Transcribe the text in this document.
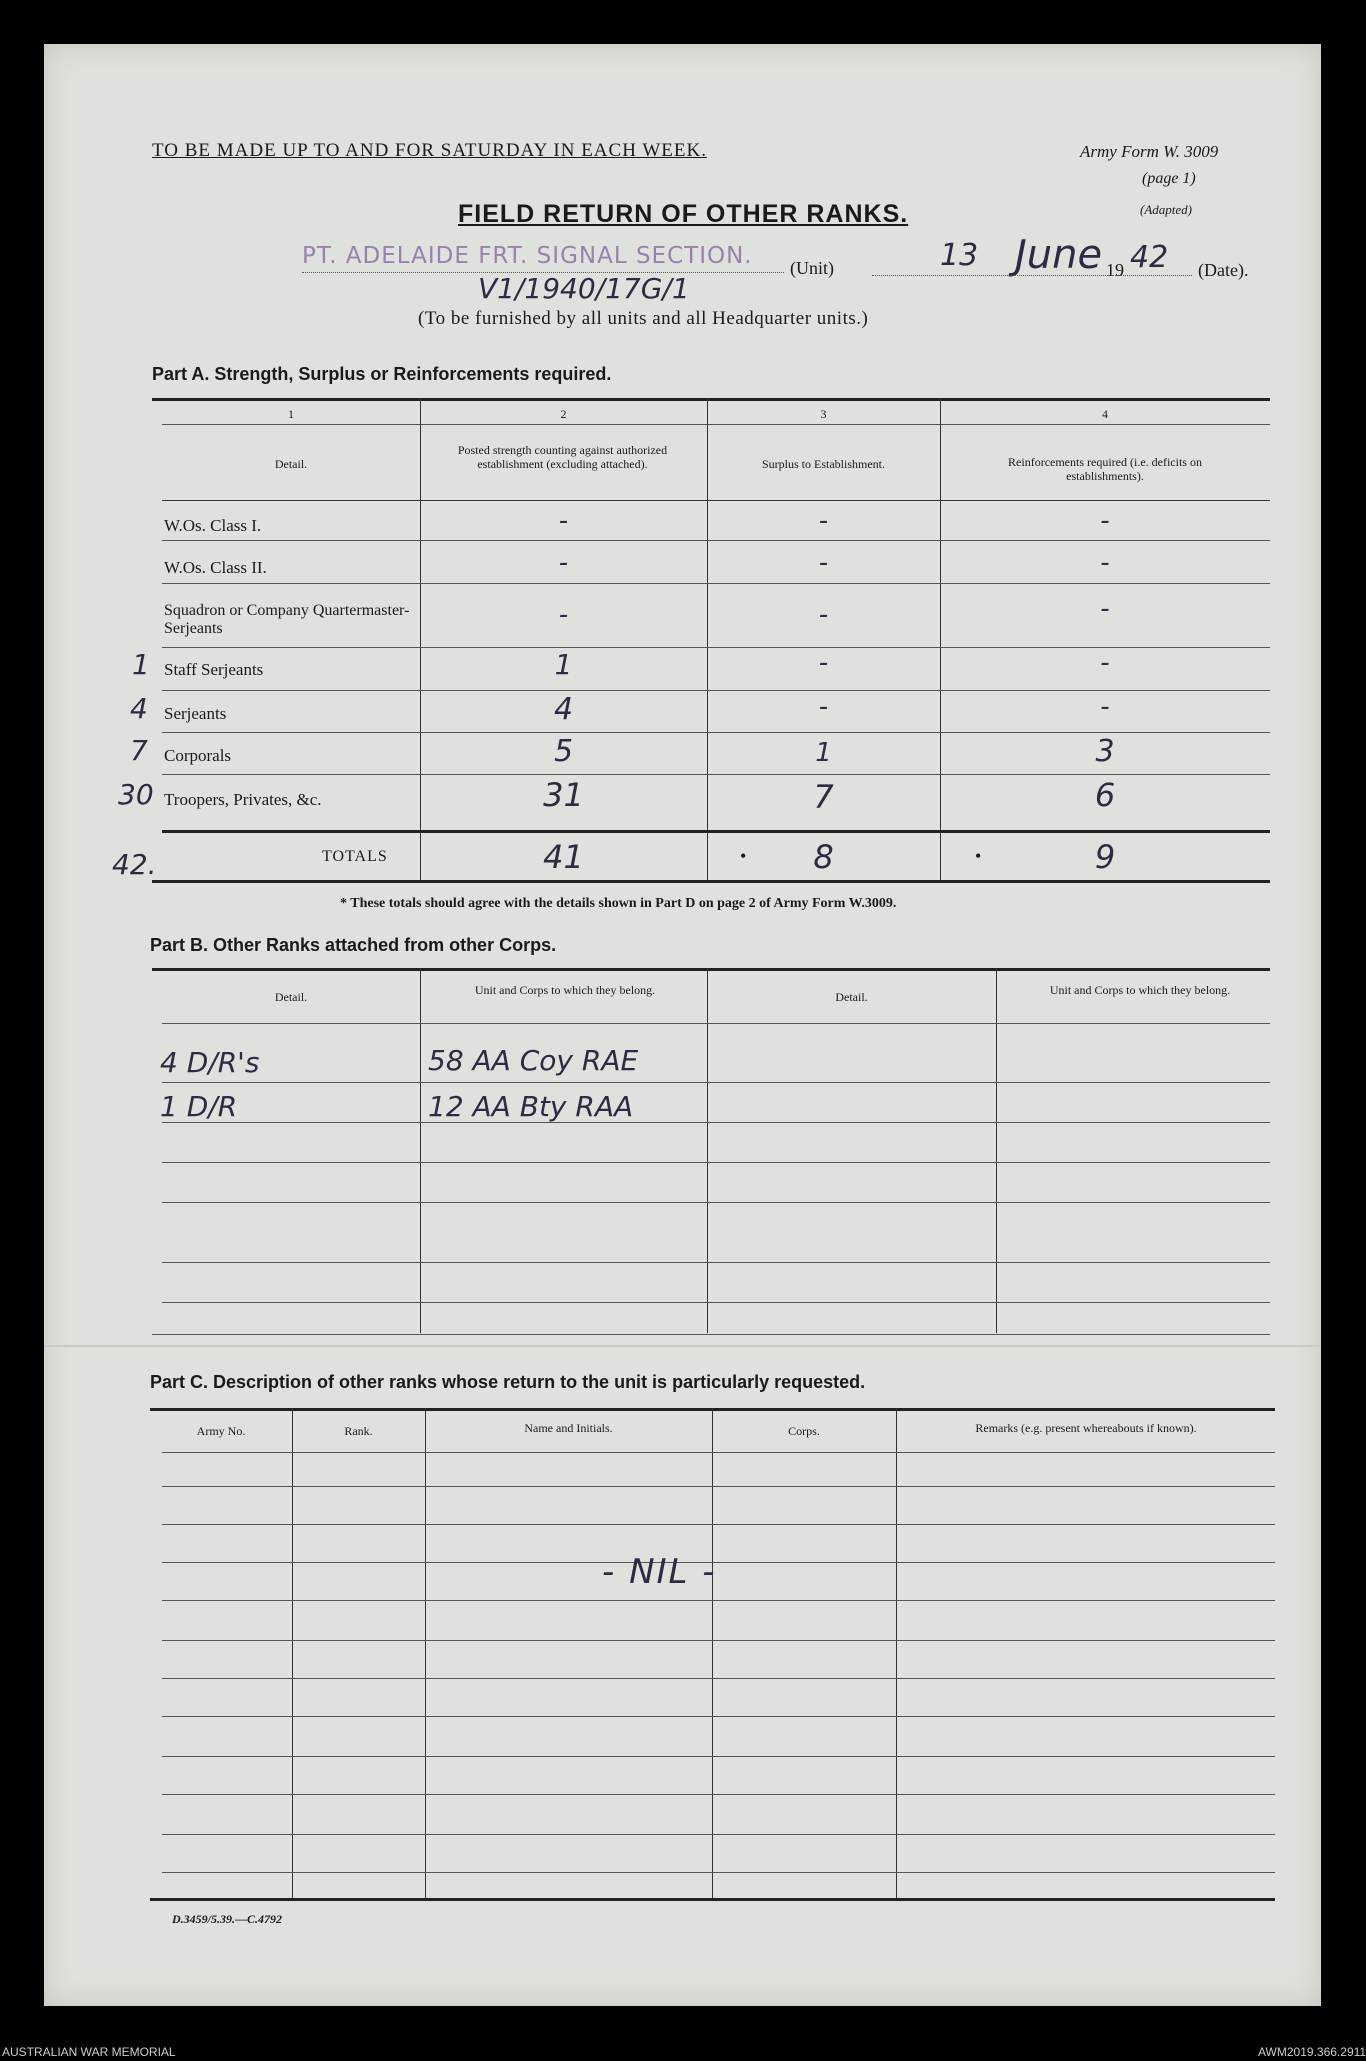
TO BE MADE UP TO AND FOR SATURDAY IN EACH WEEK.	Army Form W. 3009
(page 1)
(Adapted)
FIELD RETURN OF OTHER RANKS.
PT. ADELAIDE FRT. SIGNAL SECTION. (Unit)	13 June 19 42 (Date).
V1/1940/17G/1
(To be furnished by all units and all Headquarter units.)
Part A. Strength, Surplus or Reinforcements required.
1	2	3	4
Detail.
Posted strength counting against authorized establishment (excluding attached).	Surplus to Establishment.	Reinforcements required (i.e. deficits on establishments).
W.Os. Class I.	-	-	-
W.Os. Class II.	-	-	-
Squadron or Company Quartermaster-Serjeants	-	-	-
1 Staff Serjeants	1	-	-
4 Serjeants	4	-	-
7 Corporals	5	1	3
30 Troopers, Privates, &c.	31	7	6
42.	TOTALS	41	•	8	•	9
* These totals should agree with the details shown in Part D on page 2 of Army Form W.3009.
Part B. Other Ranks attached from other Corps.
Detail.	Unit and Corps to which they belong.	Detail.	Unit and Corps to which they belong.
4 D/R's	58 AA Coy RAE
1 D/R	12 AA Bty RAA
Part C. Description of other ranks whose return to the unit is particularly requested.
Army No.	Rank.	Name and Initials.	Corps.	Remarks (e.g. present whereabouts if known).
- NIL -
D.3459/5.39.—C.4792
AUSTRALIAN WAR MEMORIAL	AWM2019.366.2911
